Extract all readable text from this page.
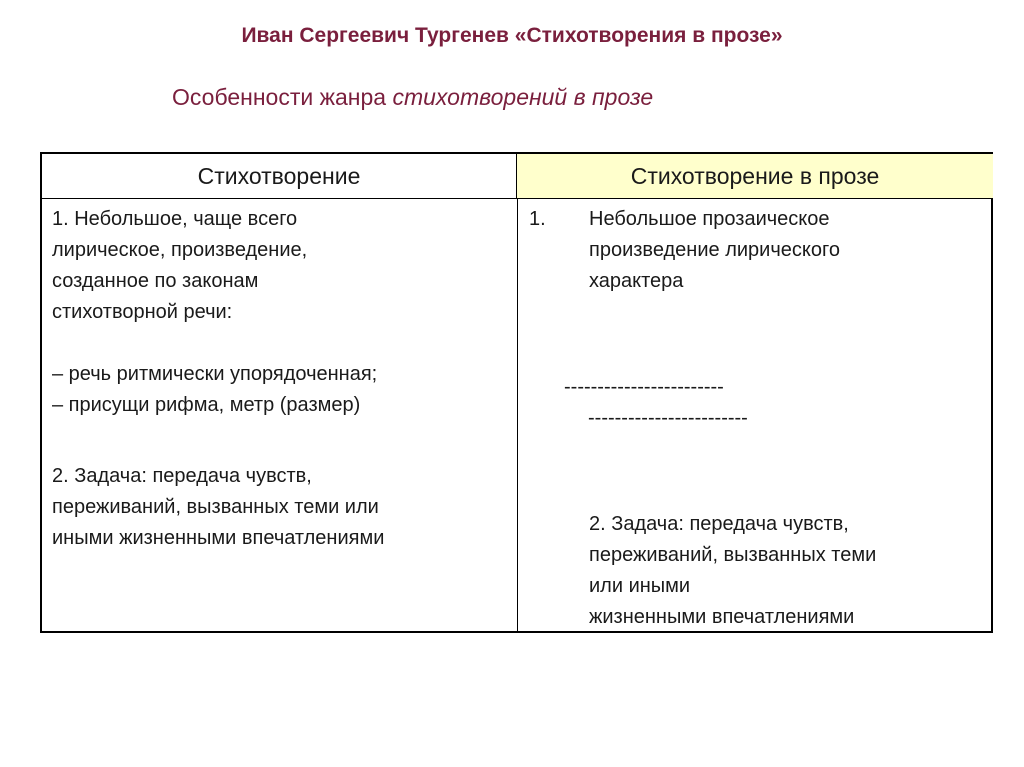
Иван Сергеевич Тургенев «Стихотворения в прозе»
Особенности жанра стихотворений в прозе
Стихотворение	Стихотворение в прозе
1. Небольшое, чаще всего
лирическое, произведение,
созданное по законам
стихотворной речи:
– речь ритмически упорядоченная;
– присущи рифма, метр (размер)
2. Задача: передача чувств,
переживаний, вызванных теми или
иными жизненными впечатлениями
1. Небольшое прозаическое
произведение лирического
характера
------------------------
------------------------
2. Задача: передача чувств,
переживаний, вызванных теми
или иными
жизненными впечатлениями
